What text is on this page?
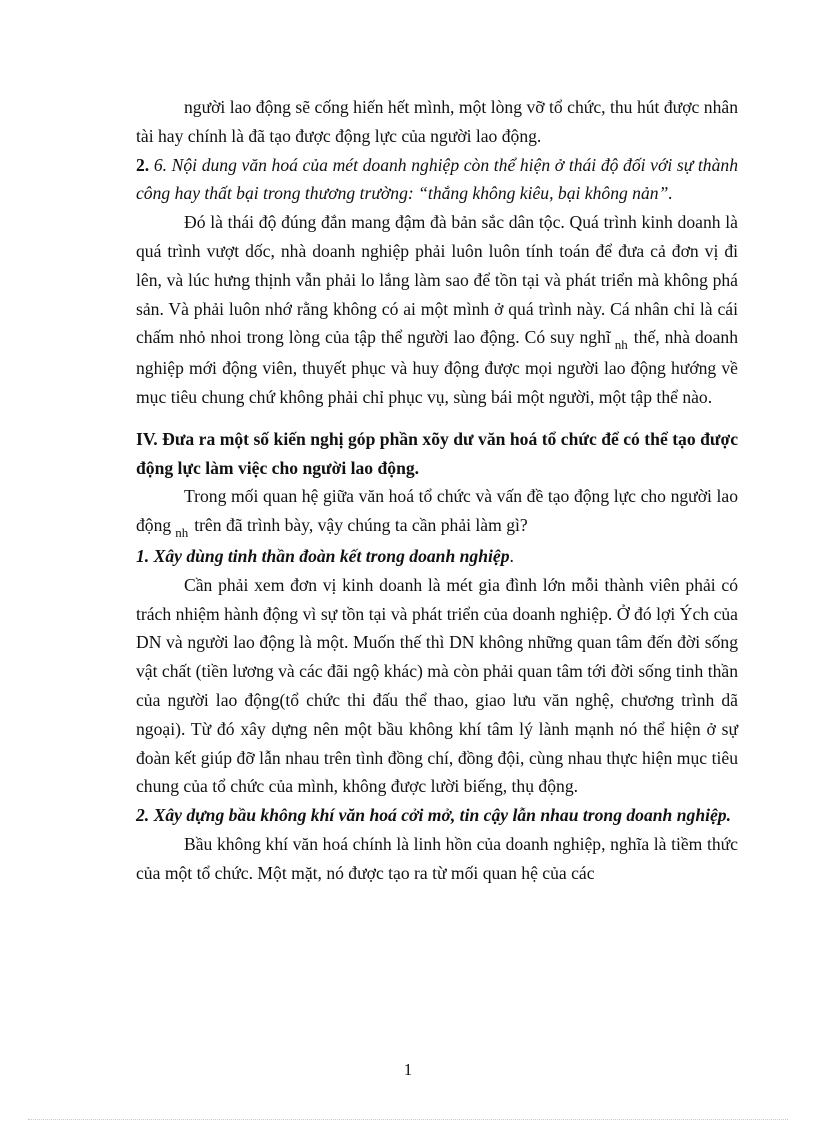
người lao động sẽ cống hiến hết mình, một lòng vỡ tổ chức, thu hút được nhân tài hay chính là đã tạo được động lực của người lao động.

2. 6. Nội dung văn hoá của mét doanh nghiệp còn thể hiện ở thái độ đối với sự thành công hay thất bại trong thương trường: “thắng không kiêu, bại không nản”.

Đó là thái độ đúng đắn mang đậm đà bản sắc dân tộc. Quá trình kinh doanh là quá trình vượt dốc, nhà doanh nghiệp phải luôn luôn tính toán để đưa cả đơn vị đi lên, và lúc hưng thịnh vẫn phải lo lắng làm sao để tồn tại và phát triển mà không phá sản. Và phải luôn nhớ rằng không có ai một mình ở quá trình này. Cá nhân chỉ là cái chấm nhỏ nhoi trong lòng của tập thể người lao động. Có suy nghĩ $_{nh}$ thế, nhà doanh nghiệp mới động viên, thuyết phục và huy động được mọi người lao động hướng về mục tiêu chung chứ không phải chỉ phục vụ, sùng bái một người, một tập thể nào.

IV. Đưa ra một số kiến nghị góp phần xõy dư văn hoá tổ chức để có thể tạo được động lực làm việc cho người lao động.

Trong mối quan hệ giữa văn hoá tổ chức và vấn đề tạo động lực cho người lao động $_{nh}$ trên đã trình bày, vậy chúng ta cần phải làm gì?

1. Xây dùng tinh thần đoàn kết trong doanh nghiệp.

Cần phải xem đơn vị kinh doanh là mét gia đình lớn mỗi thành viên phải có trách nhiệm hành động vì sự tồn tại và phát triển của doanh nghiệp. Ở đó lợi Ých của DN và người lao động là một. Muốn thế thì DN không những quan tâm đến đời sống vật chất (tiền lương và các đãi ngộ khác) mà còn phải quan tâm tới đời sống tinh thần của người lao động(tổ chức thi đấu thể thao, giao lưu văn nghệ, chương trình dã ngoại). Từ đó xây dựng nên một bầu không khí tâm lý lành mạnh nó thể hiện ở sự đoàn kết giúp đỡ lẫn nhau trên tình đồng chí, đồng đội, cùng nhau thực hiện mục tiêu chung của tổ chức của mình, không được lười biếng, thụ động.

2. Xây dựng bầu không khí văn hoá cởi mở, tin cậy lẫn nhau trong doanh nghiệp.

Bầu không khí văn hoá chính là linh hồn của doanh nghiệp, nghĩa là tiềm thức của một tổ chức. Một mặt, nó được tạo ra từ mối quan hệ của các

1
